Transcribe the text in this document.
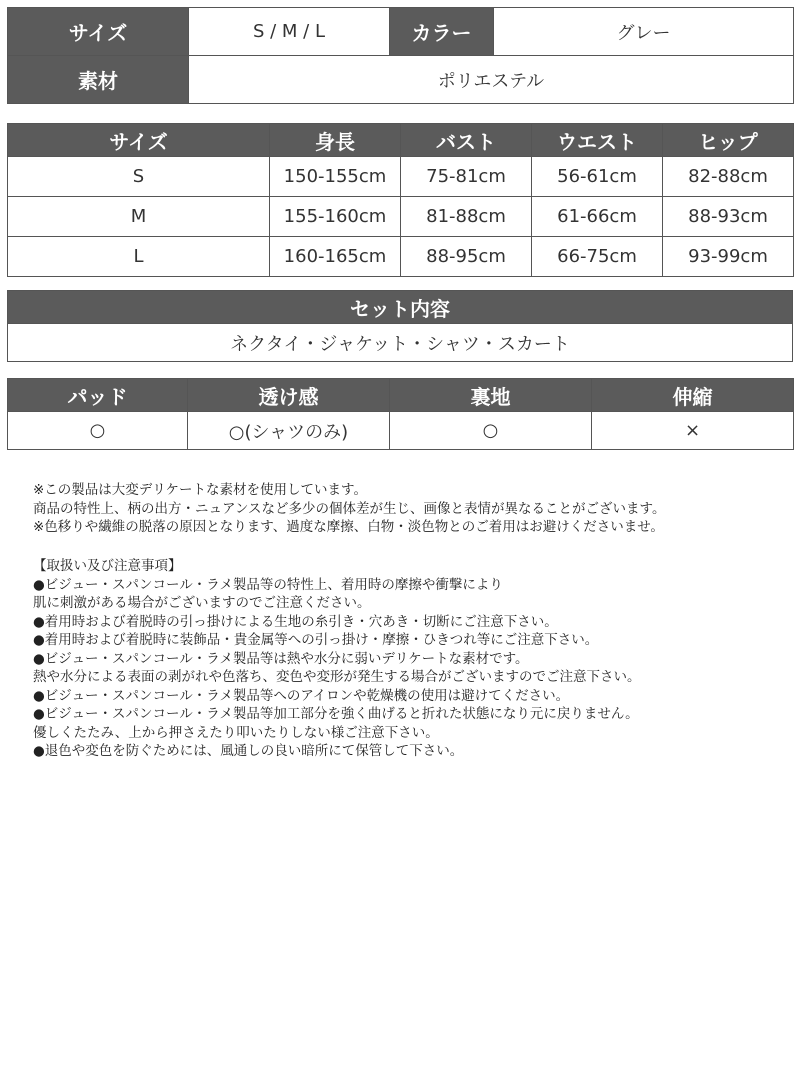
サイズ	S / M / L	カラー	グレー
素材	ポリエステル		
サイズ	身長	バスト	ウエスト	ヒップ
S	150-155cm	75-81cm	56-61cm	82-88cm
M	155-160cm	81-88cm	61-66cm	88-93cm
L	160-165cm	88-95cm	66-75cm	93-99cm
セット内容
ネクタイ・ジャケット・シャツ・スカート
パッド	透け感	裏地	伸縮
○	○(シャツのみ)	○	×
※この製品は大変デリケートな素材を使用しています。
商品の特性上、柄の出方・ニュアンスなど多少の個体差が生じ、画像と表情が異なることがございます。
※色移りや繊維の脱落の原因となります、過度な摩擦、白物・淡色物とのご着用はお避けくださいませ。
【取扱い及び注意事項】
●ビジュー・スパンコール・ラメ製品等の特性上、着用時の摩擦や衝撃により
肌に刺激がある場合がございますのでご注意ください。
●着用時および着脱時の引っ掛けによる生地の糸引き・穴あき・切断にご注意下さい。
●着用時および着脱時に装飾品・貴金属等への引っ掛け・摩擦・ひきつれ等にご注意下さい。
●ビジュー・スパンコール・ラメ製品等は熱や水分に弱いデリケートな素材です。
熱や水分による表面の剥がれや色落ち、変色や変形が発生する場合がございますのでご注意下さい。
●ビジュー・スパンコール・ラメ製品等へのアイロンや乾燥機の使用は避けてください。
●ビジュー・スパンコール・ラメ製品等加工部分を強く曲げると折れた状態になり元に戻りません。
優しくたたみ、上から押さえたり叩いたりしない様ご注意下さい。
●退色や変色を防ぐためには、風通しの良い暗所にて保管して下さい。
